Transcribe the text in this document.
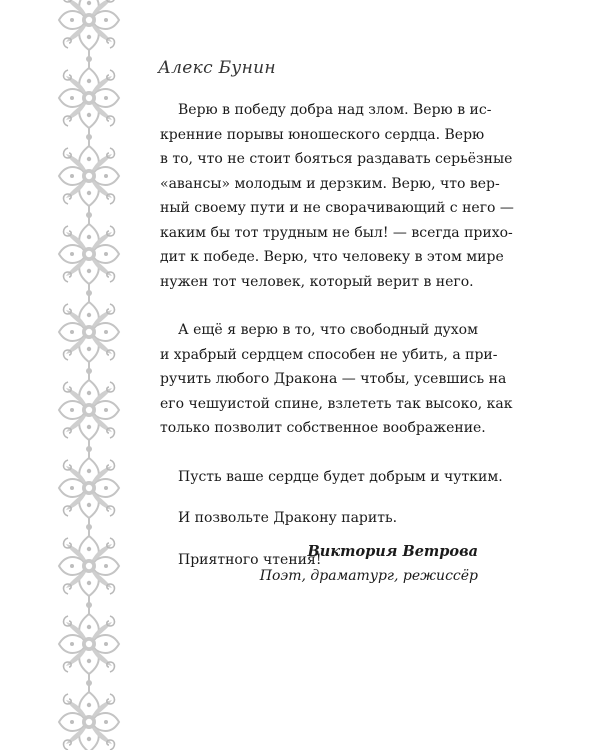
Алекс Бунин
Верю в победу добра над злом. Верю в ис-
кренние порывы юношеского сердца. Верю
в то, что не стоит бояться раздавать серьёзные
«авансы» молодым и дерзким. Верю, что вер-
ный своему пути и не сворачивающий с него —
каким бы тот трудным не был! — всегда прихо-
дит к победе. Верю, что человеку в этом мире
нужен тот человек, который верит в него.
А ещё я верю в то, что свободный духом
и храбрый сердцем способен не убить, а при-
ручить любого Дракона — чтобы, усевшись на
его чешуистой спине, взлететь так высоко, как
только позволит собственное воображение.
Пусть ваше сердце будет добрым и чутким.
И позвольте Дракону парить.
Приятного чтения!
Виктория Ветрова
Поэт, драматург, режиссёр
